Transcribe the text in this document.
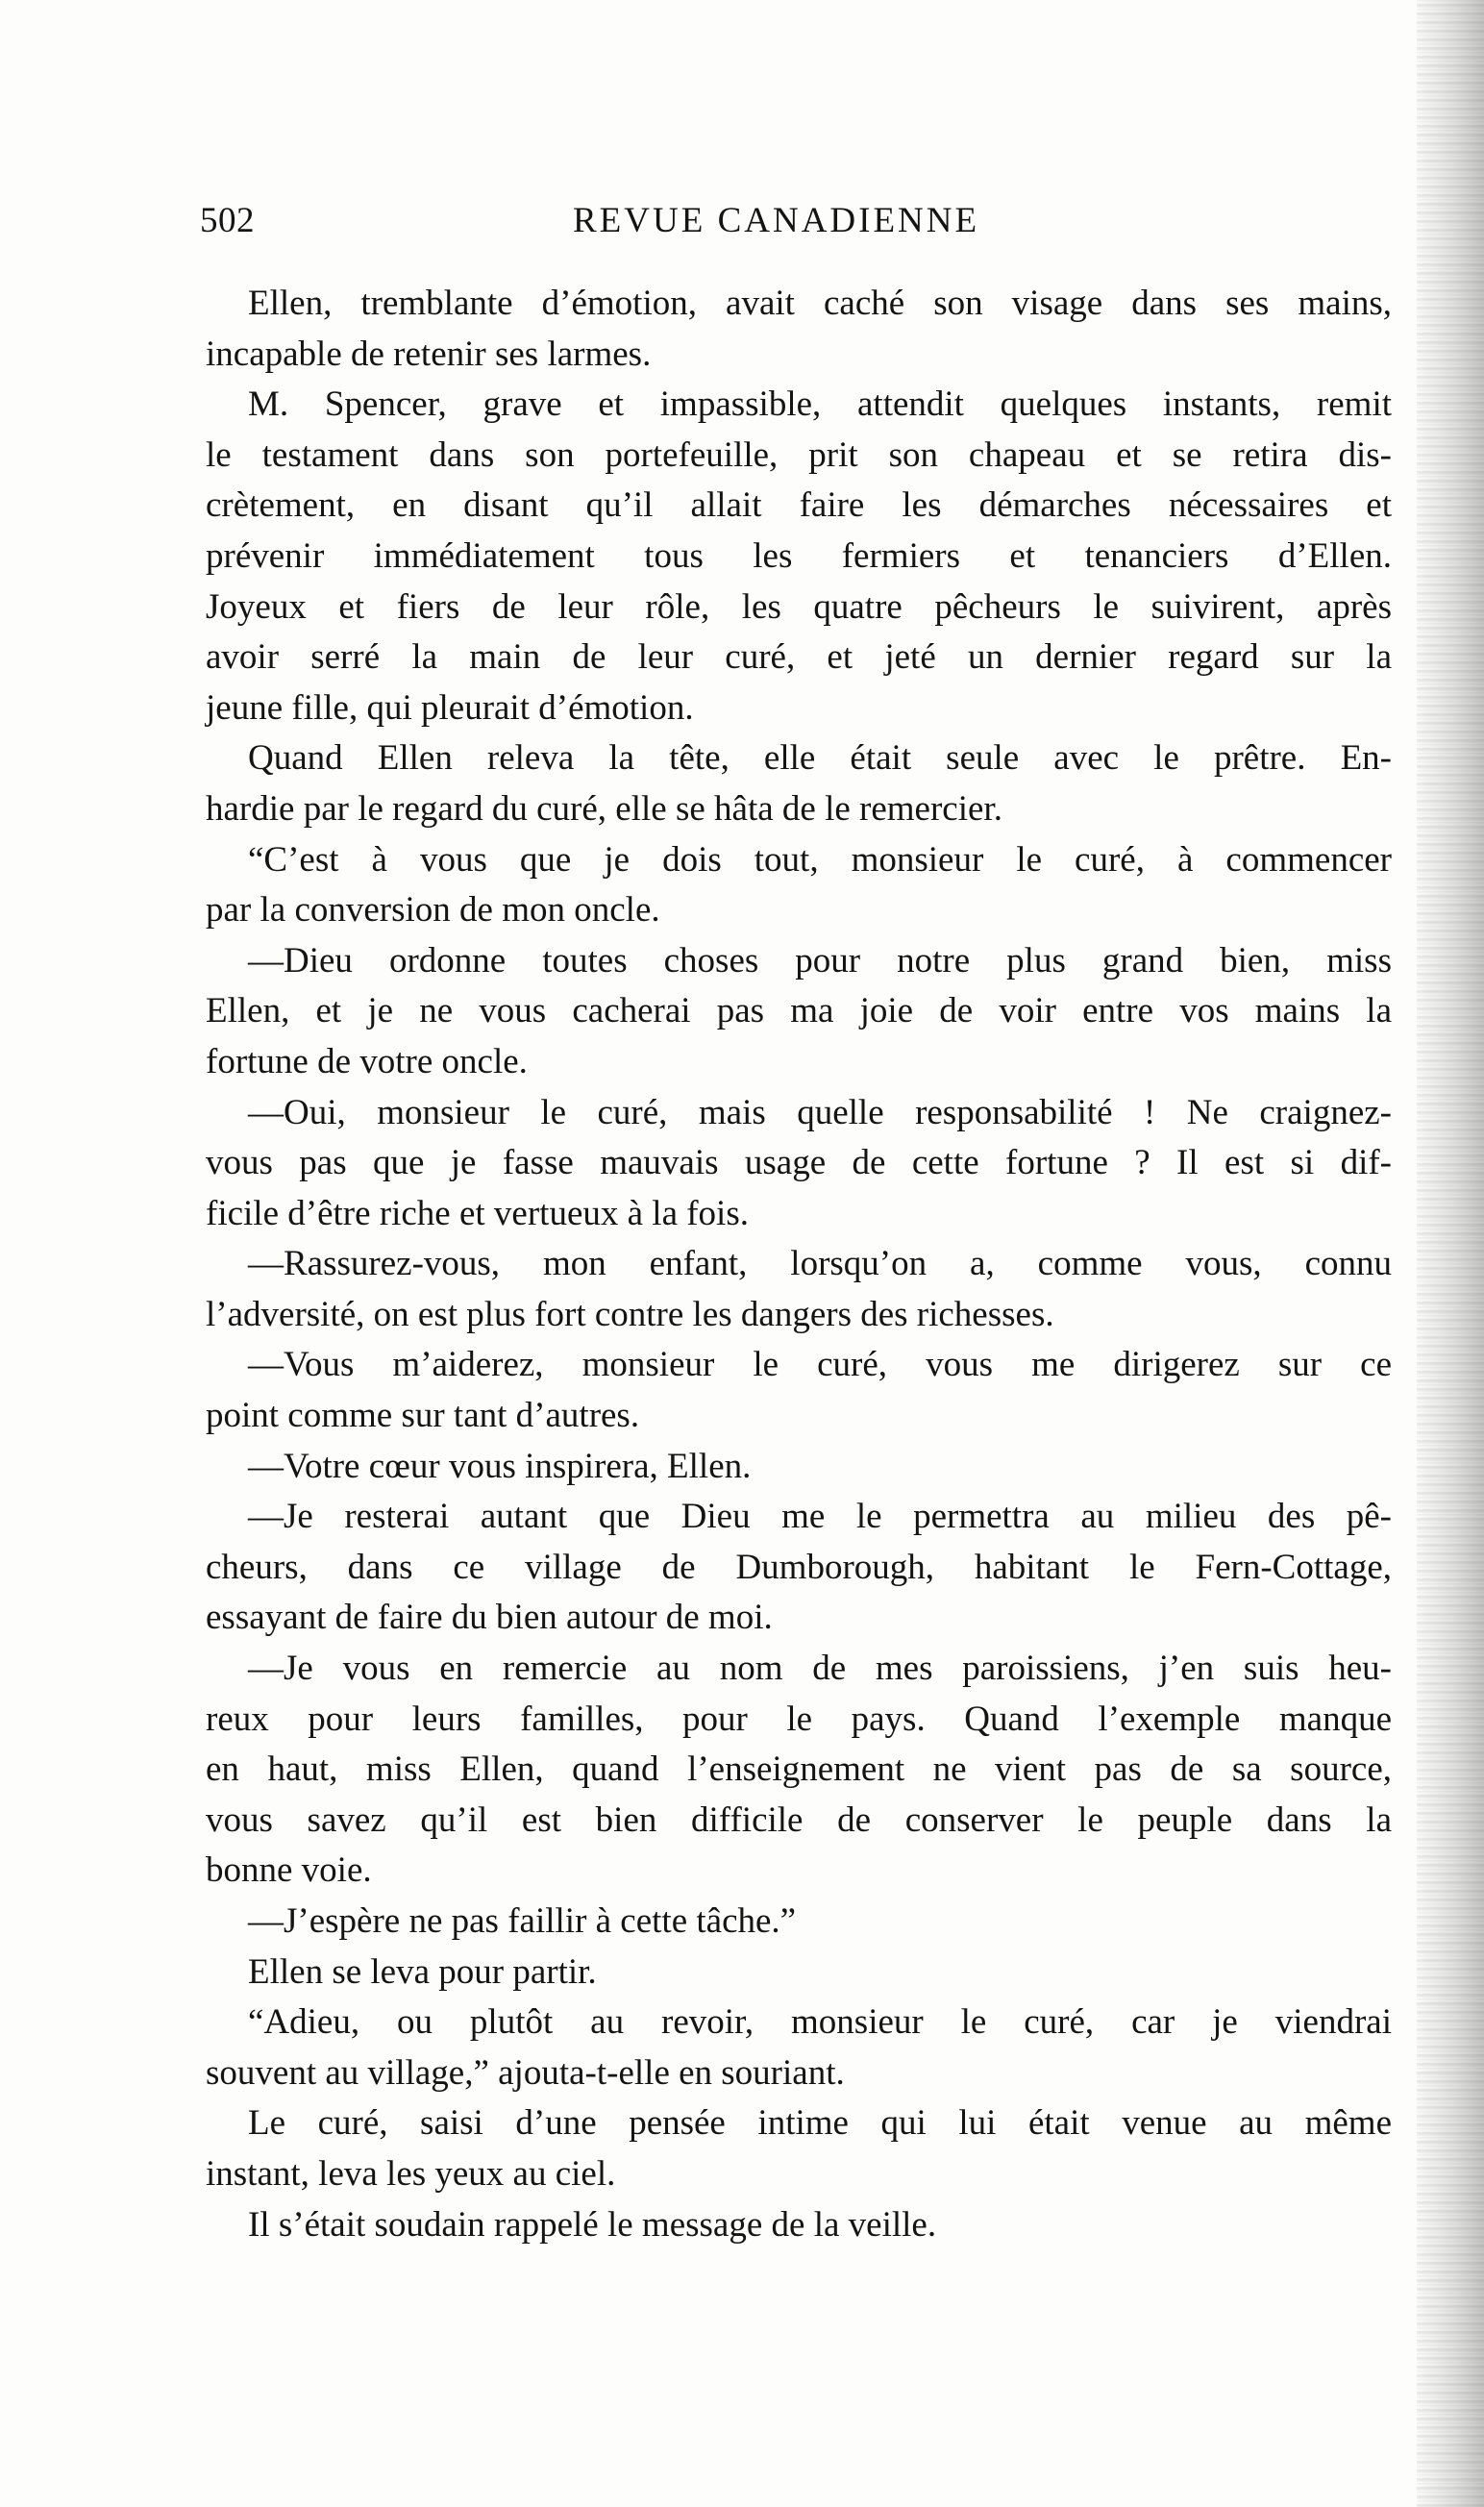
502	REVUE CANADIENNE
Ellen, tremblante d’émotion, avait caché son visage dans ses mains,
incapable de retenir ses larmes.
M. Spencer, grave et impassible, attendit quelques instants, remit
le testament dans son portefeuille, prit son chapeau et se retira dis-
crètement, en disant qu’il allait faire les démarches nécessaires et
prévenir immédiatement tous les fermiers et tenanciers d’Ellen.
Joyeux et fiers de leur rôle, les quatre pêcheurs le suivirent, après
avoir serré la main de leur curé, et jeté un dernier regard sur la
jeune fille, qui pleurait d’émotion.
Quand Ellen releva la tête, elle était seule avec le prêtre. En-
hardie par le regard du curé, elle se hâta de le remercier.
“C’est à vous que je dois tout, monsieur le curé, à commencer
par la conversion de mon oncle.
—Dieu ordonne toutes choses pour notre plus grand bien, miss
Ellen, et je ne vous cacherai pas ma joie de voir entre vos mains la
fortune de votre oncle.
—Oui, monsieur le curé, mais quelle responsabilité ! Ne craignez-
vous pas que je fasse mauvais usage de cette fortune ? Il est si dif-
ficile d’être riche et vertueux à la fois.
—Rassurez-vous, mon enfant, lorsqu’on a, comme vous, connu
l’adversité, on est plus fort contre les dangers des richesses.
—Vous m’aiderez, monsieur le curé, vous me dirigerez sur ce
point comme sur tant d’autres.
—Votre cœur vous inspirera, Ellen.
—Je resterai autant que Dieu me le permettra au milieu des pê-
cheurs, dans ce village de Dumborough, habitant le Fern-Cottage,
essayant de faire du bien autour de moi.
—Je vous en remercie au nom de mes paroissiens, j’en suis heu-
reux pour leurs familles, pour le pays. Quand l’exemple manque
en haut, miss Ellen, quand l’enseignement ne vient pas de sa source,
vous savez qu’il est bien difficile de conserver le peuple dans la
bonne voie.
—J’espère ne pas faillir à cette tâche.”
Ellen se leva pour partir.
“Adieu, ou plutôt au revoir, monsieur le curé, car je viendrai
souvent au village,” ajouta-t-elle en souriant.
Le curé, saisi d’une pensée intime qui lui était venue au même
instant, leva les yeux au ciel.
Il s’était soudain rappelé le message de la veille.
